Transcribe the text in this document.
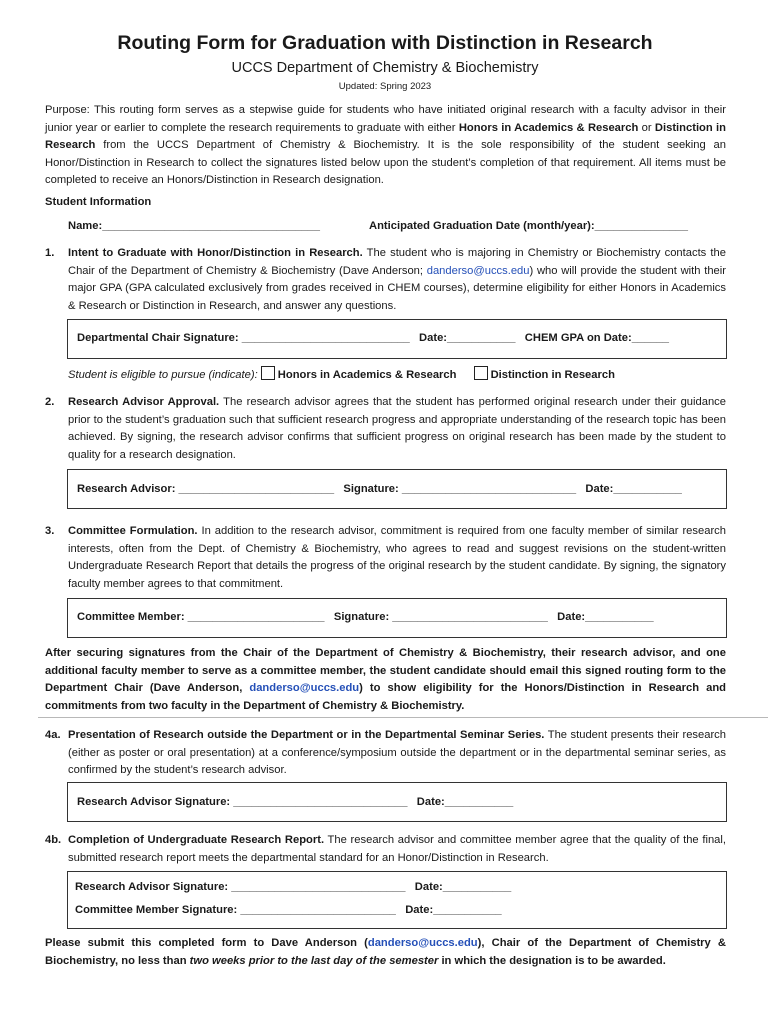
Routing Form for Graduation with Distinction in Research
UCCS Department of Chemistry & Biochemistry
Updated: Spring 2023
Purpose: This routing form serves as a stepwise guide for students who have initiated original research with a faculty advisor in their junior year or earlier to complete the research requirements to graduate with either Honors in Academics & Research or Distinction in Research from the UCCS Department of Chemistry & Biochemistry. It is the sole responsibility of the student seeking an Honor/Distinction in Research to collect the signatures listed below upon the student’s completion of that requirement. All items must be completed to receive an Honors/Distinction in Research designation.
Student Information
Name:___________________________________	Anticipated Graduation Date (month/year):_______________
1. Intent to Graduate with Honor/Distinction in Research. The student who is majoring in Chemistry or Biochemistry contacts the Chair of the Department of Chemistry & Biochemistry (Dave Anderson; danderso@uccs.edu) who will provide the student with their major GPA (GPA calculated exclusively from grades received in CHEM courses), determine eligibility for either Honors in Academics & Research or Distinction in Research, and answer any questions.
Departmental Chair Signature: ___________________________   Date:___________   CHEM GPA on Date:______
Student is eligible to pursue (indicate): Honors in Academics & Research	Distinction in Research
2. Research Advisor Approval. The research advisor agrees that the student has performed original research under their guidance prior to the student’s graduation such that sufficient research progress and appropriate understanding of the research topic has been achieved. By signing, the research advisor confirms that sufficient progress on original research has been made by the student to quality for a research designation.
Research Advisor: _________________________   Signature: ____________________________   Date:___________
3. Committee Formulation. In addition to the research advisor, commitment is required from one faculty member of similar research interests, often from the Dept. of Chemistry & Biochemistry, who agrees to read and suggest revisions on the student-written Undergraduate Research Report that details the progress of the original research by the student candidate. By signing, the signatory faculty member agrees to that commitment.
Committee Member: ______________________   Signature: _________________________   Date:___________
After securing signatures from the Chair of the Department of Chemistry & Biochemistry, their research advisor, and one additional faculty member to serve as a committee member, the student candidate should email this signed routing form to the Department Chair (Dave Anderson, danderso@uccs.edu) to show eligibility for the Honors/Distinction in Research and commitments from two faculty in the Department of Chemistry & Biochemistry.
4a. Presentation of Research outside the Department or in the Departmental Seminar Series. The student presents their research (either as poster or oral presentation) at a conference/symposium outside the department or in the departmental seminar series, as confirmed by the student’s research advisor.
Research Advisor Signature: ____________________________   Date:___________
4b. Completion of Undergraduate Research Report. The research advisor and committee member agree that the quality of the final, submitted research report meets the departmental standard for an Honor/Distinction in Research.
Research Advisor Signature: ____________________________   Date:___________
Committee Member Signature: _________________________   Date:___________
Please submit this completed form to Dave Anderson (danderso@uccs.edu), Chair of the Department of Chemistry & Biochemistry, no less than two weeks prior to the last day of the semester in which the designation is to be awarded.
